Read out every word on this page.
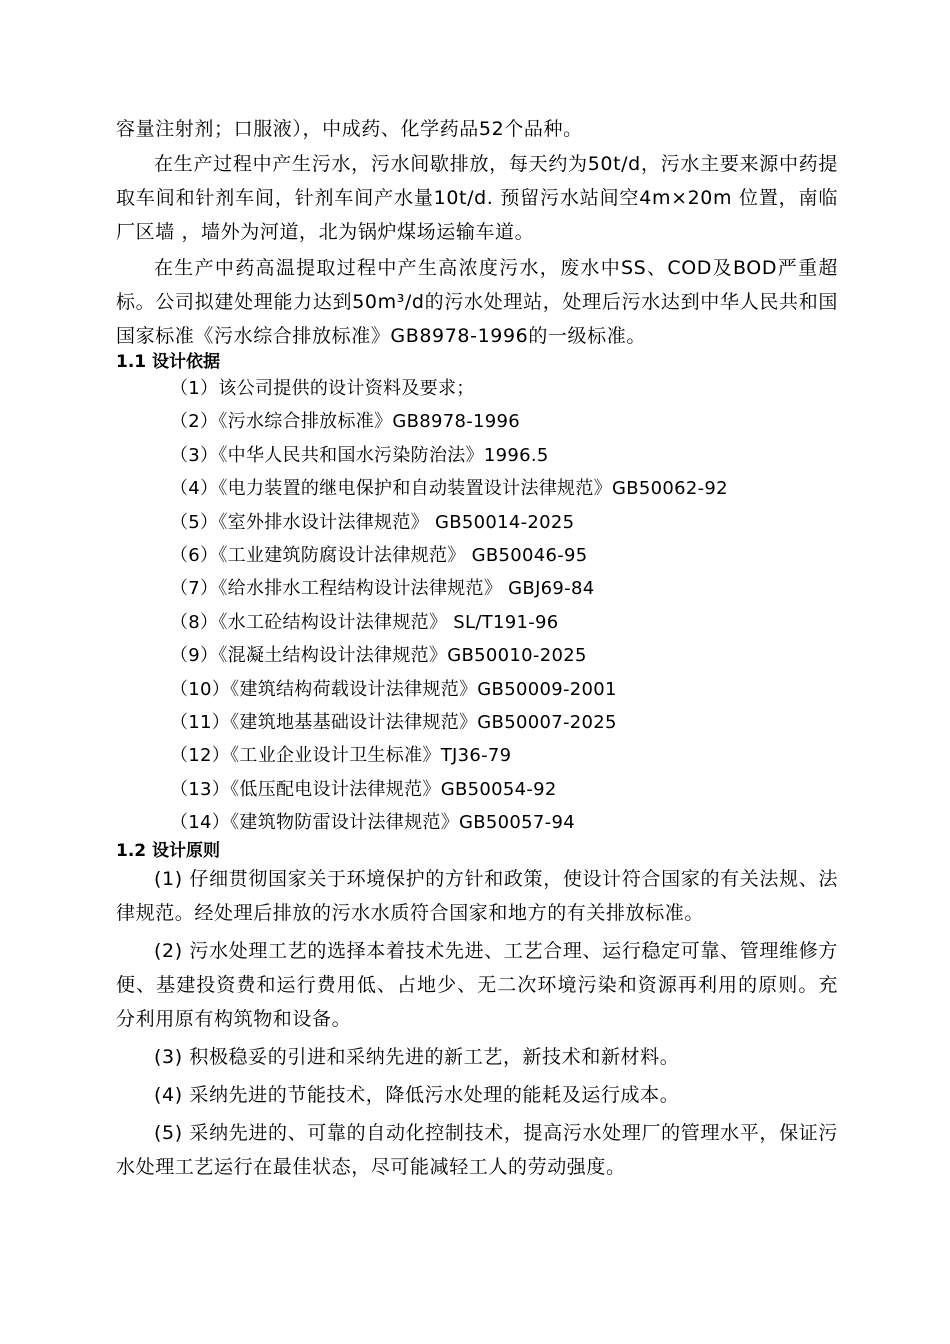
容量注射剂；口服液），中成药、化学药品52个品种。

在生产过程中产生污水，污水间歇排放，每天约为50t/d，污水主要来源中药提取车间和针剂车间，针剂车间产水量10t/d. 预留污水站间空4m×20m 位置，南临厂区墙 ，墙外为河道，北为锅炉煤场运输车道。

在生产中药高温提取过程中产生高浓度污水，废水中SS、COD及BOD严重超标。公司拟建处理能力达到50m³/d的污水处理站，处理后污水达到中华人民共和国国家标准《污水综合排放标准》GB8978-1996的一级标准。

1.1 设计依据

（1）该公司提供的设计资料及要求；

（2）《污水综合排放标准》GB8978-1996

（3）《中华人民共和国水污染防治法》1996.5

（4）《电力装置的继电保护和自动装置设计法律规范》GB50062-92

（5）《室外排水设计法律规范》 GB50014-2025

（6）《工业建筑防腐设计法律规范》 GB50046-95

（7）《给水排水工程结构设计法律规范》 GBJ69-84

（8）《水工砼结构设计法律规范》 SL/T191-96

（9）《混凝土结构设计法律规范》GB50010-2025

（10）《建筑结构荷载设计法律规范》GB50009-2001

（11）《建筑地基基础设计法律规范》GB50007-2025

（12）《工业企业设计卫生标准》TJ36-79

（13）《低压配电设计法律规范》GB50054-92

（14）《建筑物防雷设计法律规范》GB50057-94

1.2 设计原则

(1) 仔细贯彻国家关于环境保护的方针和政策，使设计符合国家的有关法规、法律规范。经处理后排放的污水水质符合国家和地方的有关排放标准。

(2) 污水处理工艺的选择本着技术先进、工艺合理、运行稳定可靠、管理维修方便、基建投资费和运行费用低、占地少、无二次环境污染和资源再利用的原则。充分利用原有构筑物和设备。

(3) 积极稳妥的引进和采纳先进的新工艺，新技术和新材料。

(4) 采纳先进的节能技术，降低污水处理的能耗及运行成本。

(5) 采纳先进的、可靠的自动化控制技术，提高污水处理厂的管理水平，保证污水处理工艺运行在最佳状态，尽可能减轻工人的劳动强度。
